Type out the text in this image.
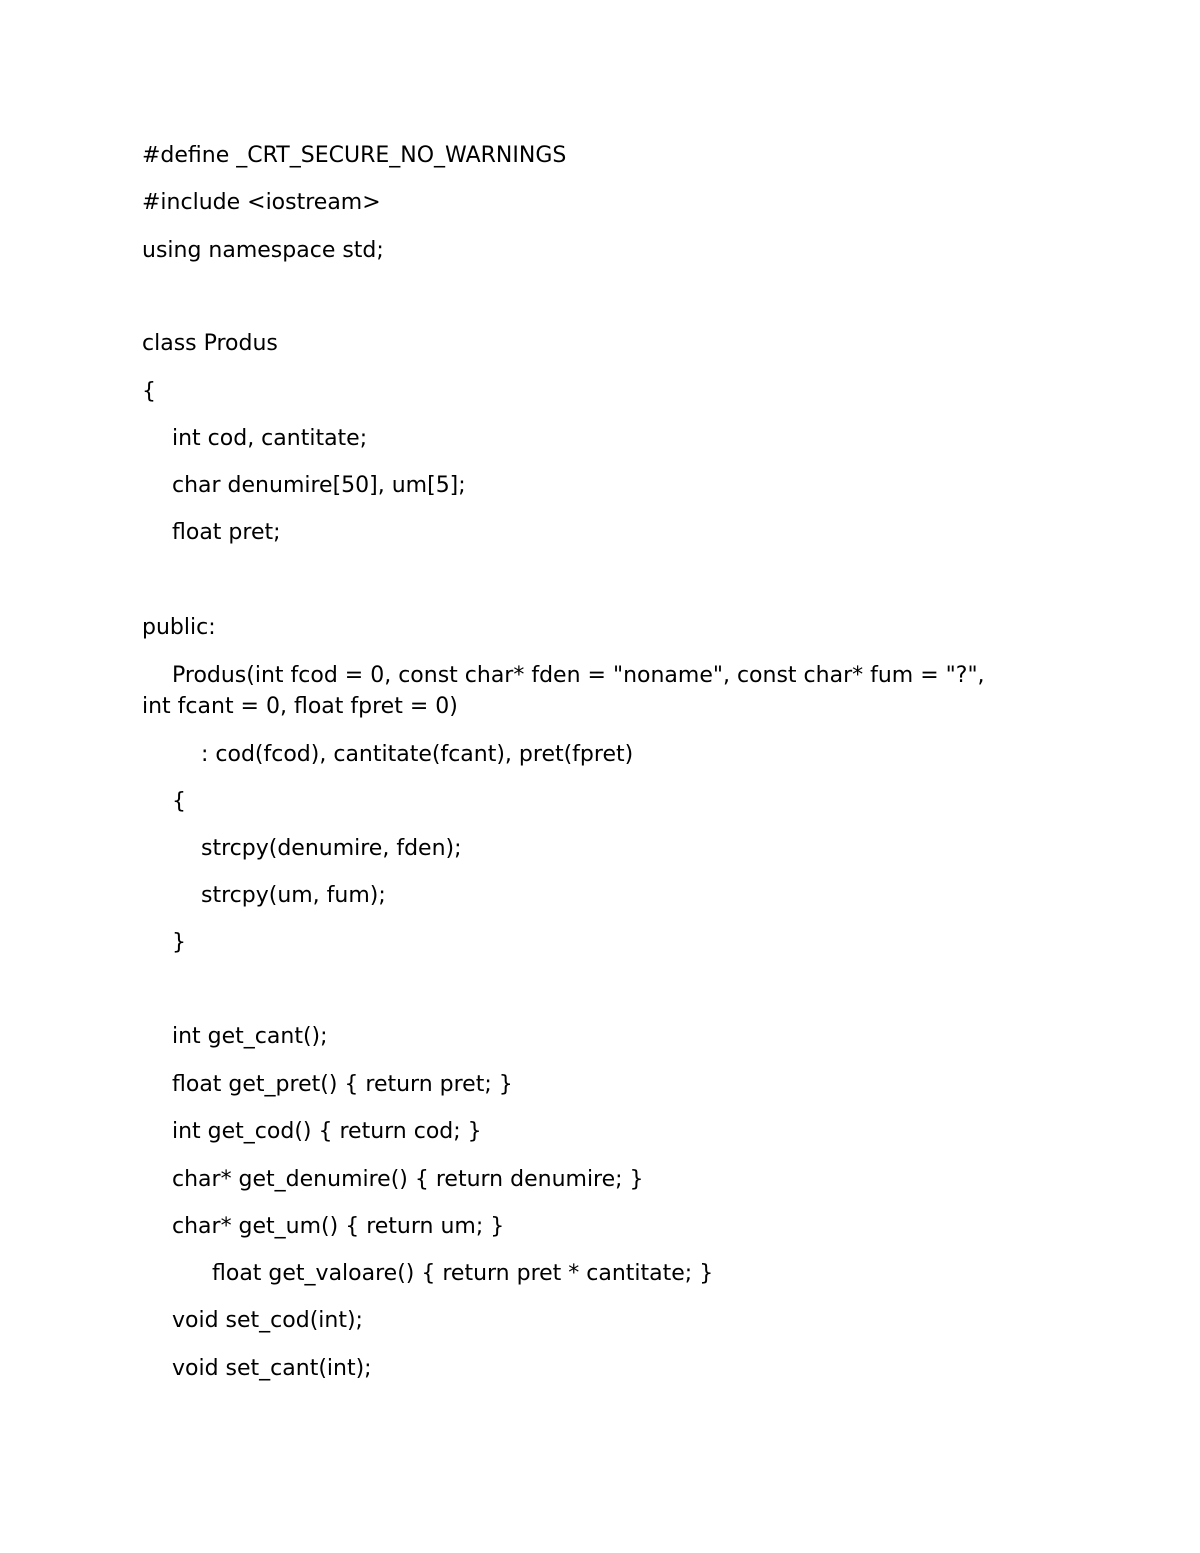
#define _CRT_SECURE_NO_WARNINGS
#include <iostream>
using namespace std;
class Produs
{
int cod, cantitate;
char denumire[50], um[5];
float pret;
public:
Produs(int fcod = 0, const char* fden = "noname", const char* fum = "?",
int fcant = 0, float fpret = 0)
: cod(fcod), cantitate(fcant), pret(fpret)
{
strcpy(denumire, fden);
strcpy(um, fum);
}
int get_cant();
float get_pret() { return pret; }
int get_cod() { return cod; }
char* get_denumire() { return denumire; }
char* get_um() { return um; }
float get_valoare() { return pret * cantitate; }
void set_cod(int);
void set_cant(int);
